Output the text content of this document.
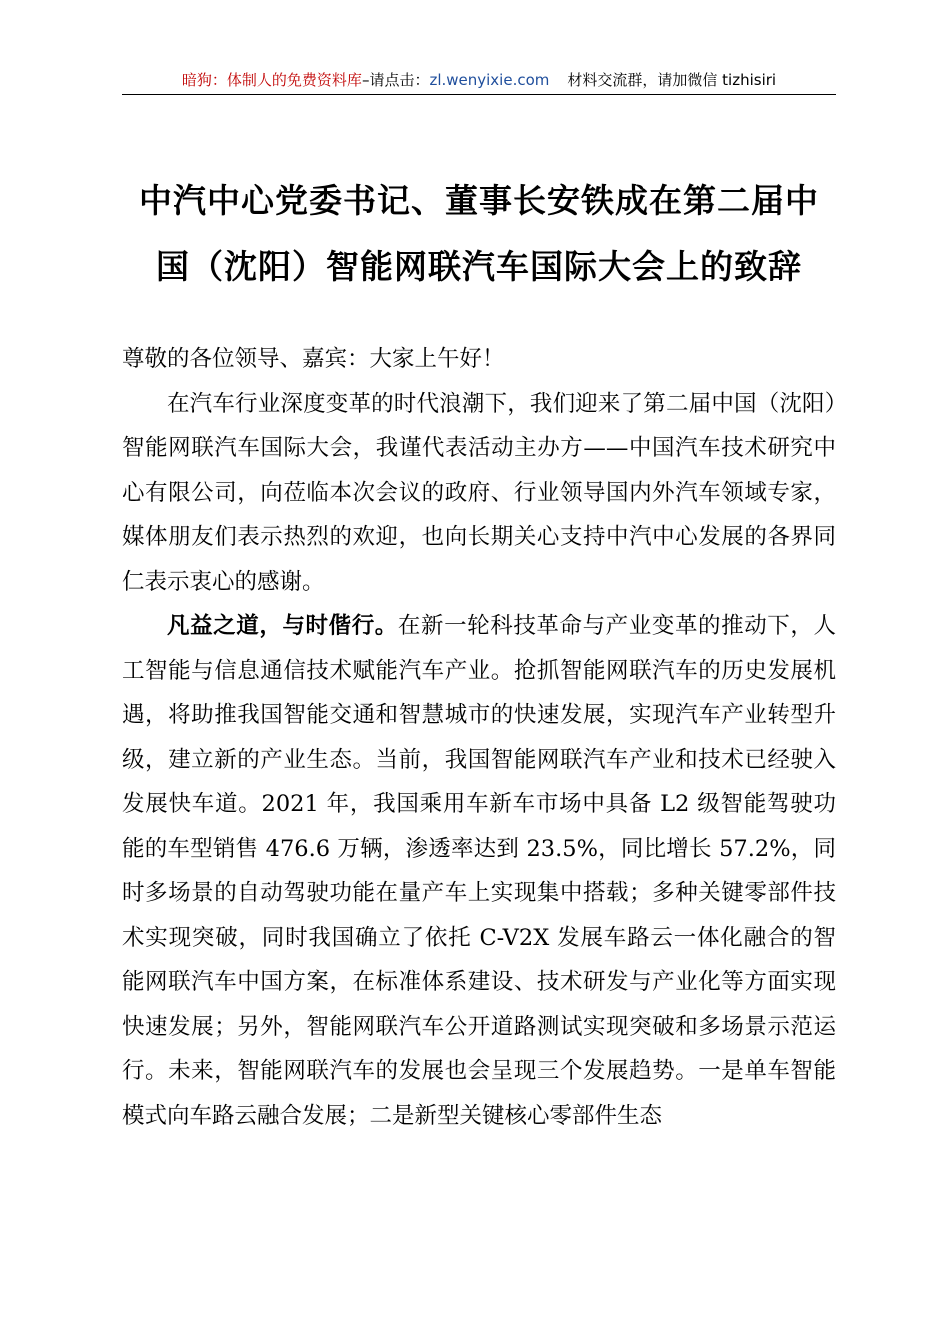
暗狗：体制人的免费资料库–请点击：zl.wenyixie.com 材料交流群，请加微信 tizhisiri
中汽中心党委书记、董事长安铁成在第二届中
国（沈阳）智能网联汽车国际大会上的致辞

尊敬的各位领导、嘉宾：大家上午好！

在汽车行业深度变革的时代浪潮下，我们迎来了第二届中国（沈阳）智能网联汽车国际大会，我谨代表活动主办方——中国汽车技术研究中心有限公司，向莅临本次会议的政府、行业领导国内外汽车领域专家，媒体朋友们表示热烈的欢迎，也向长期关心支持中汽中心发展的各界同仁表示衷心的感谢。

凡益之道，与时偕行。在新一轮科技革命与产业变革的推动下，人工智能与信息通信技术赋能汽车产业。抢抓智能网联汽车的历史发展机遇，将助推我国智能交通和智慧城市的快速发展，实现汽车产业转型升级，建立新的产业生态。当前，我国智能网联汽车产业和技术已经驶入发展快车道。2021 年，我国乘用车新车市场中具备 L2 级智能驾驶功能的车型销售 476.6 万辆，渗透率达到 23.5%，同比增长 57.2%，同时多场景的自动驾驶功能在量产车上实现集中搭载；多种关键零部件技术实现突破，同时我国确立了依托 C-V2X 发展车路云一体化融合的智能网联汽车中国方案，在标准体系建设、技术研发与产业化等方面实现快速发展；另外，智能网联汽车公开道路测试实现突破和多场景示范运行。未来，智能网联汽车的发展也会呈现三个发展趋势。一是单车智能模式向车路云融合发展；二是新型关键核心零部件生态
